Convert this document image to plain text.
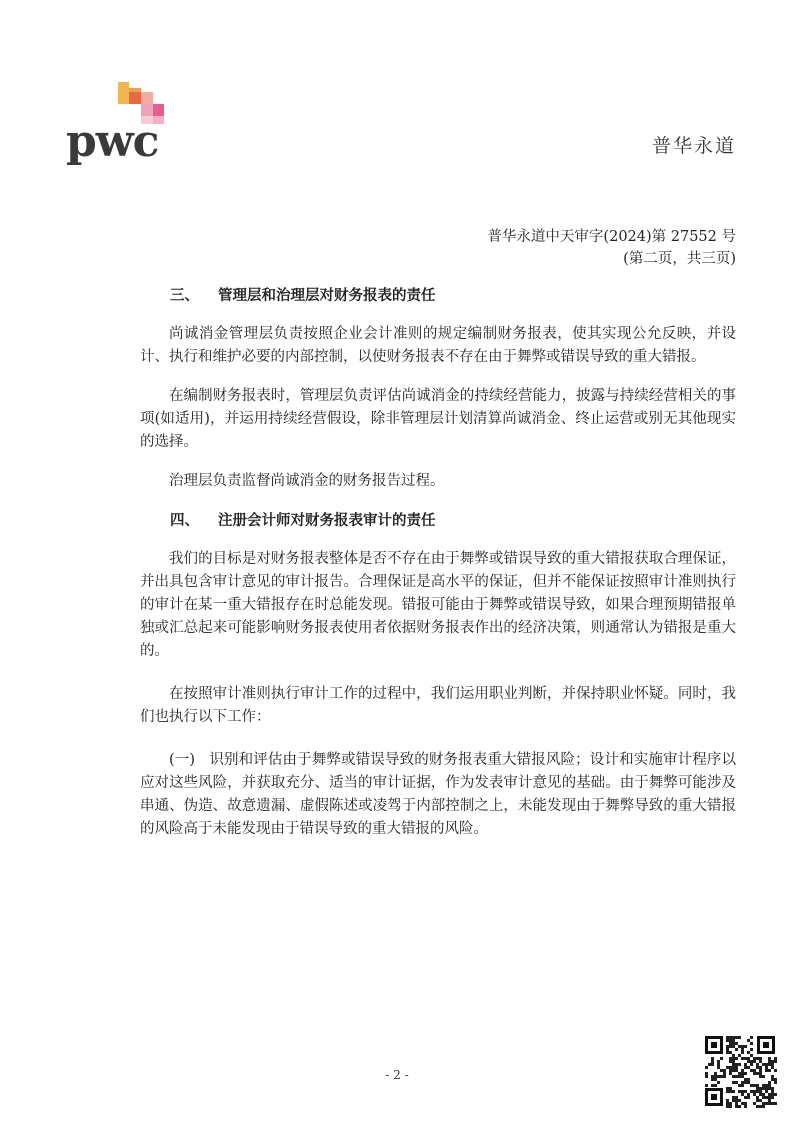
pwc	普华永道
普华永道中天审字(2024)第 27552 号
(第二页，共三页)
三、	管理层和治理层对财务报表的责任

尚诚消金管理层负责按照企业会计准则的规定编制财务报表，使其实现公允反映，并设计、执行和维护必要的内部控制，以使财务报表不存在由于舞弊或错误导致的重大错报。

在编制财务报表时，管理层负责评估尚诚消金的持续经营能力，披露与持续经营相关的事项(如适用)，并运用持续经营假设，除非管理层计划清算尚诚消金、终止运营或别无其他现实的选择。

治理层负责监督尚诚消金的财务报告过程。

四、	注册会计师对财务报表审计的责任

我们的目标是对财务报表整体是否不存在由于舞弊或错误导致的重大错报获取合理保证，并出具包含审计意见的审计报告。合理保证是高水平的保证，但并不能保证按照审计准则执行的审计在某一重大错报存在时总能发现。错报可能由于舞弊或错误导致，如果合理预期错报单独或汇总起来可能影响财务报表使用者依据财务报表作出的经济决策，则通常认为错报是重大的。

在按照审计准则执行审计工作的过程中，我们运用职业判断，并保持职业怀疑。同时，我们也执行以下工作：

(一) 识别和评估由于舞弊或错误导致的财务报表重大错报风险；设计和实施审计程序以应对这些风险，并获取充分、适当的审计证据，作为发表审计意见的基础。由于舞弊可能涉及串通、伪造、故意遗漏、虚假陈述或凌驾于内部控制之上，未能发现由于舞弊导致的重大错报的风险高于未能发现由于错误导致的重大错报的风险。

- 2 -
